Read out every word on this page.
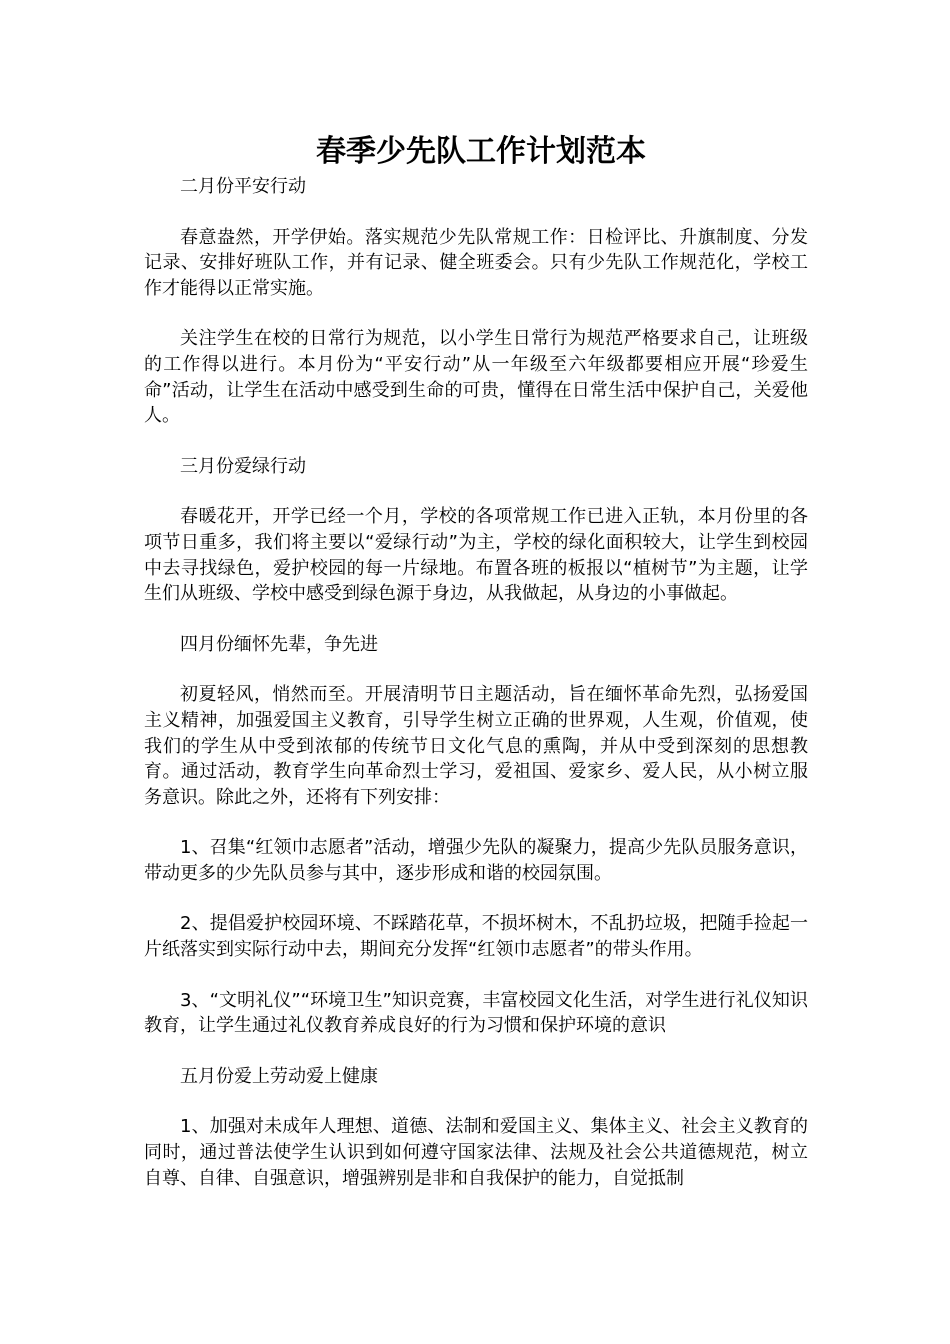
春季少先队工作计划范本

二月份平安行动

春意盎然，开学伊始。落实规范少先队常规工作：日检评比、升旗制度、分发记录、安排好班队工作，并有记录、健全班委会。只有少先队工作规范化，学校工作才能得以正常实施。

关注学生在校的日常行为规范，以小学生日常行为规范严格要求自己，让班级的工作得以进行。本月份为“平安行动”从一年级至六年级都要相应开展“珍爱生命”活动，让学生在活动中感受到生命的可贵，懂得在日常生活中保护自己，关爱他人。

三月份爱绿行动

春暖花开，开学已经一个月，学校的各项常规工作已进入正轨，本月份里的各项节日重多，我们将主要以“爱绿行动”为主，学校的绿化面积较大，让学生到校园中去寻找绿色，爱护校园的每一片绿地。布置各班的板报以“植树节”为主题，让学生们从班级、学校中感受到绿色源于身边，从我做起，从身边的小事做起。

四月份缅怀先辈，争先进

初夏轻风，悄然而至。开展清明节日主题活动，旨在缅怀革命先烈，弘扬爱国主义精神，加强爱国主义教育，引导学生树立正确的世界观，人生观，价值观，使我们的学生从中受到浓郁的传统节日文化气息的熏陶，并从中受到深刻的思想教育。通过活动，教育学生向革命烈士学习，爱祖国、爱家乡、爱人民，从小树立服务意识。除此之外，还将有下列安排：

1、召集“红领巾志愿者”活动，增强少先队的凝聚力，提高少先队员服务意识，带动更多的少先队员参与其中，逐步形成和谐的校园氛围。

2、提倡爱护校园环境、不踩踏花草，不损坏树木，不乱扔垃圾，把随手捡起一片纸落实到实际行动中去，期间充分发挥“红领巾志愿者”的带头作用。

3、“文明礼仪”“环境卫生”知识竞赛，丰富校园文化生活，对学生进行礼仪知识教育，让学生通过礼仪教育养成良好的行为习惯和保护环境的意识

五月份爱上劳动爱上健康

1、加强对未成年人理想、道德、法制和爱国主义、集体主义、社会主义教育的同时，通过普法使学生认识到如何遵守国家法律、法规及社会公共道德规范，树立自尊、自律、自强意识，增强辨别是非和自我保护的能力，自觉抵制
